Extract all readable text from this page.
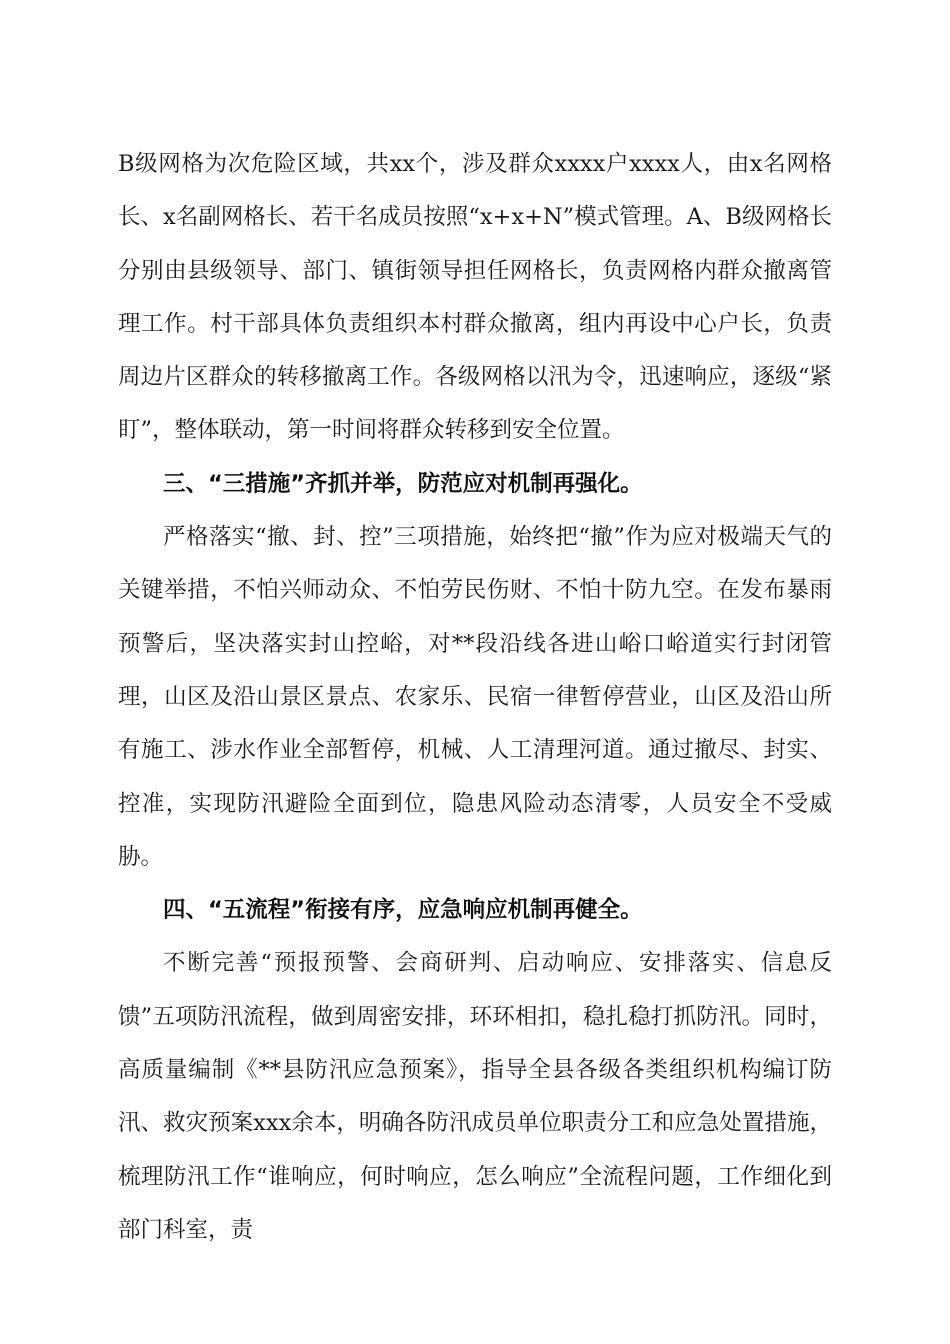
B级网格为次危险区域，共xx个，涉及群众xxxx户xxxx人，由x名网格长、x名副网格长、若干名成员按照“x+x+N”模式管理。A、B级网格长分别由县级领导、部门、镇街领导担任网格长，负责网格内群众撤离管理工作。村干部具体负责组织本村群众撤离，组内再设中心户长，负责周边片区群众的转移撤离工作。各级网格以汛为令，迅速响应，逐级“紧盯”，整体联动，第一时间将群众转移到安全位置。

三、“三措施”齐抓并举，防范应对机制再强化。

严格落实“撤、封、控”三项措施，始终把“撤”作为应对极端天气的关键举措，不怕兴师动众、不怕劳民伤财、不怕十防九空。在发布暴雨预警后，坚决落实封山控峪，对**段沿线各进山峪口峪道实行封闭管理，山区及沿山景区景点、农家乐、民宿一律暂停营业，山区及沿山所有施工、涉水作业全部暂停，机械、人工清理河道。通过撤尽、封实、控准，实现防汛避险全面到位，隐患风险动态清零，人员安全不受威胁。

四、“五流程”衔接有序，应急响应机制再健全。

不断完善“预报预警、会商研判、启动响应、安排落实、信息反馈”五项防汛流程，做到周密安排，环环相扣，稳扎稳打抓防汛。同时，高质量编制《**县防汛应急预案》，指导全县各级各类组织机构编订防汛、救灾预案xxx余本，明确各防汛成员单位职责分工和应急处置措施，梳理防汛工作“谁响应，何时响应，怎么响应”全流程问题，工作细化到部门科室，责
